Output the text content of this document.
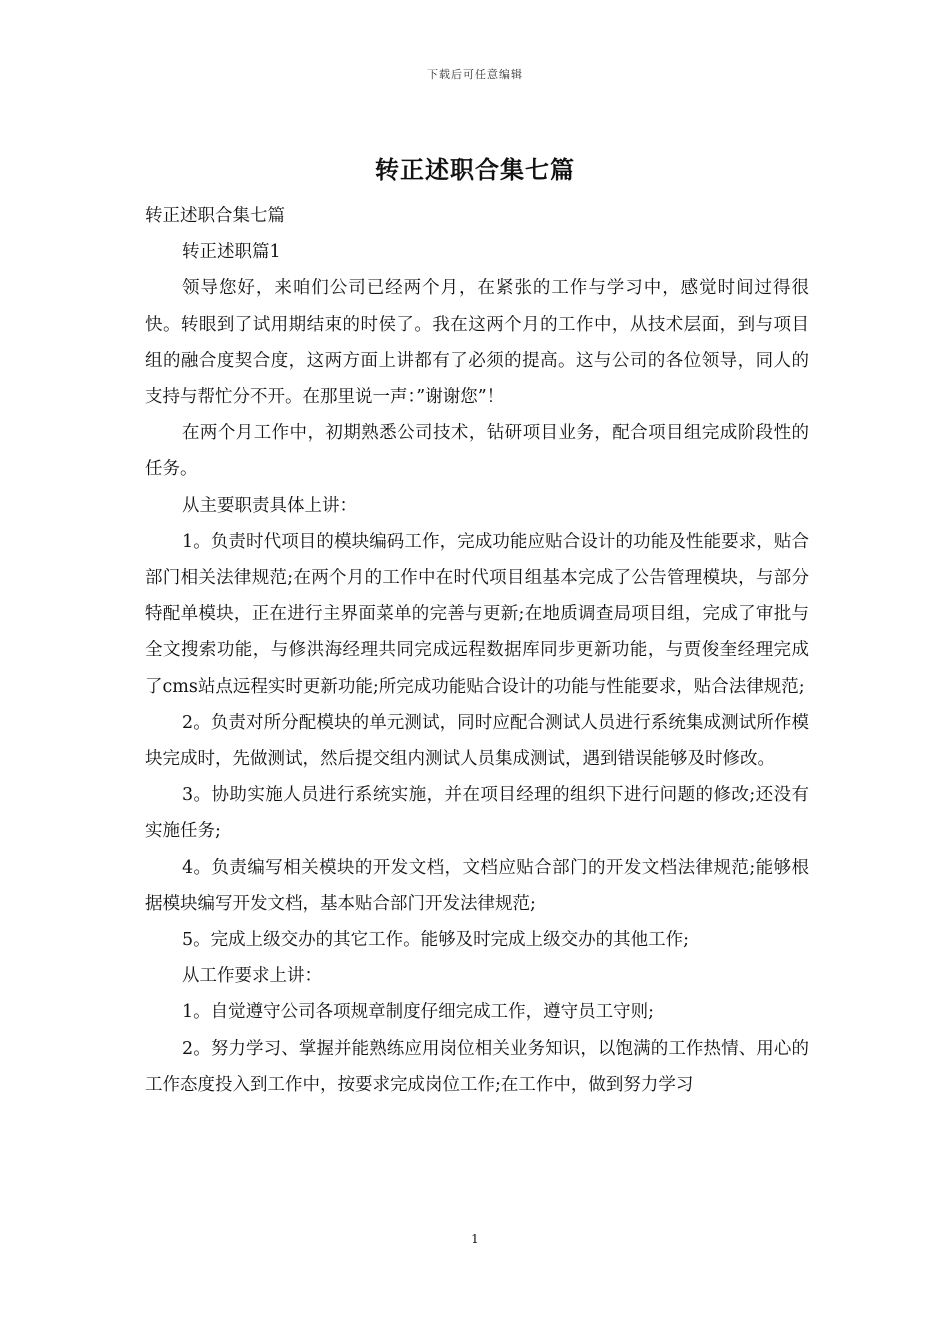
下载后可任意编辑
转正述职合集七篇

转正述职合集七篇

转正述职篇1

领导您好，来咱们公司已经两个月，在紧张的工作与学习中，感觉时间过得很快。转眼到了试用期结束的时侯了。我在这两个月的工作中，从技术层面，到与项目组的融合度契合度，这两方面上讲都有了必须的提高。这与公司的各位领导，同人的支持与帮忙分不开。在那里说一声：”谢谢您”！

在两个月工作中，初期熟悉公司技术，钻研项目业务，配合项目组完成阶段性的任务。

从主要职责具体上讲：

1。负责时代项目的模块编码工作，完成功能应贴合设计的功能及性能要求，贴合部门相关法律规范;在两个月的工作中在时代项目组基本完成了公告管理模块，与部分特配单模块，正在进行主界面菜单的完善与更新;在地质调查局项目组，完成了审批与全文搜索功能，与修洪海经理共同完成远程数据库同步更新功能，与贾俊奎经理完成了cms站点远程实时更新功能;所完成功能贴合设计的功能与性能要求，贴合法律规范;

2。负责对所分配模块的单元测试，同时应配合测试人员进行系统集成测试所作模块完成时，先做测试，然后提交组内测试人员集成测试，遇到错误能够及时修改。

3。协助实施人员进行系统实施，并在项目经理的组织下进行问题的修改;还没有实施任务;

4。负责编写相关模块的开发文档，文档应贴合部门的开发文档法律规范;能够根据模块编写开发文档，基本贴合部门开发法律规范;

5。完成上级交办的其它工作。能够及时完成上级交办的其他工作;

从工作要求上讲：

1。自觉遵守公司各项规章制度仔细完成工作，遵守员工守则;

2。努力学习、掌握并能熟练应用岗位相关业务知识，以饱满的工作热情、用心的工作态度投入到工作中，按要求完成岗位工作;在工作中，做到努力学习

1
